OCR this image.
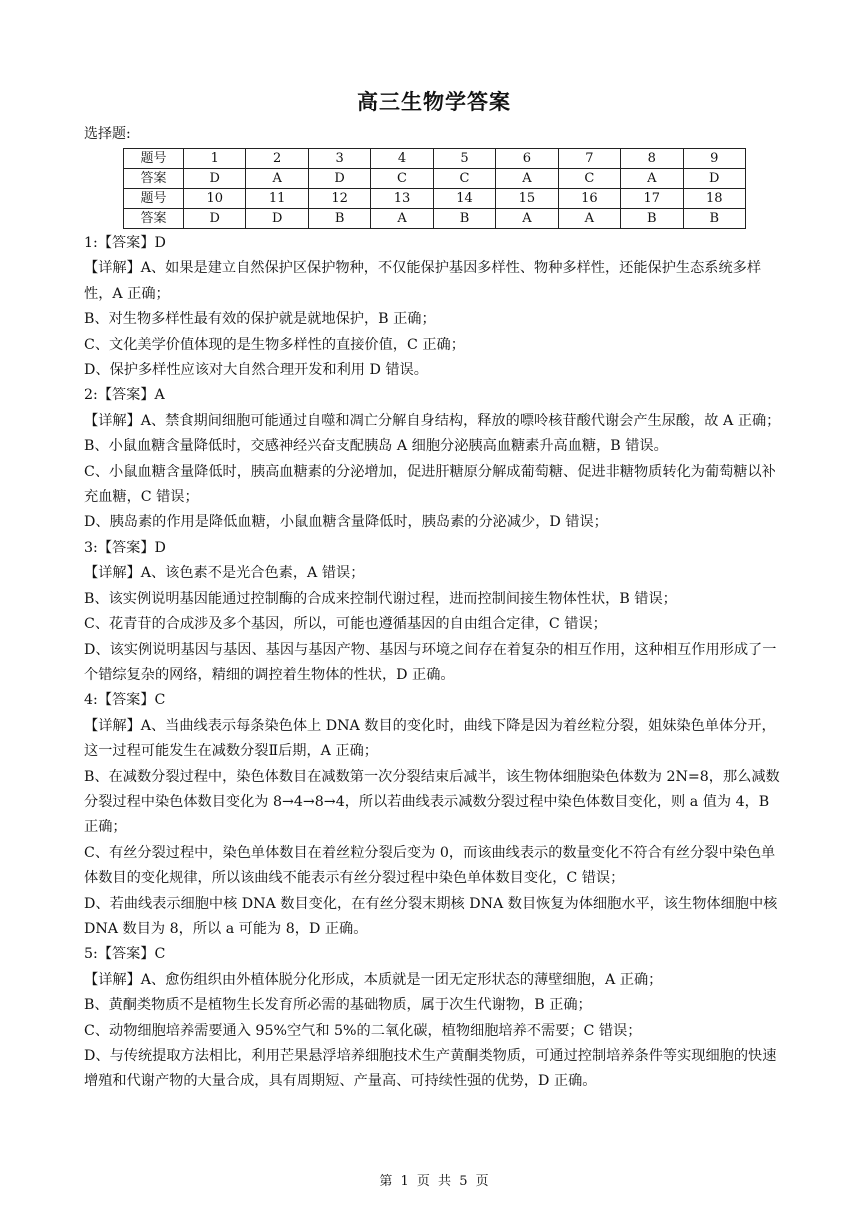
高三生物学答案
选择题:
题号	1	2	3	4	5	6	7	8	9
答案	D	A	D	C	C	A	C	A	D
题号	10	11	12	13	14	15	16	17	18
答案	D	D	B	A	B	A	A	B	B

1:【答案】D

【详解】A、如果是建立自然保护区保护物种，不仅能保护基因多样性、物种多样性，还能保护生态系统多样性，A 正确；

B、对生物多样性最有效的保护就是就地保护，B 正确；

C、文化美学价值体现的是生物多样性的直接价值，C 正确；

D、保护多样性应该对大自然合理开发和利用 D 错误。

2:【答案】A

【详解】A、禁食期间细胞可能通过自噬和凋亡分解自身结构，释放的嘌呤核苷酸代谢会产生尿酸，故 A 正确；

B、小鼠血糖含量降低时，交感神经兴奋支配胰岛 A 细胞分泌胰高血糖素升高血糖，B 错误。

C、小鼠血糖含量降低时，胰高血糖素的分泌增加，促进肝糖原分解成葡萄糖、促进非糖物质转化为葡萄糖以补充血糖，C 错误；

D、胰岛素的作用是降低血糖，小鼠血糖含量降低时，胰岛素的分泌减少，D 错误；

3:【答案】D

【详解】A、该色素不是光合色素，A 错误；

B、该实例说明基因能通过控制酶的合成来控制代谢过程，进而控制间接生物体性状，B 错误；

C、花青苷的合成涉及多个基因，所以，可能也遵循基因的自由组合定律，C 错误；

D、该实例说明基因与基因、基因与基因产物、基因与环境之间存在着复杂的相互作用，这种相互作用形成了一个错综复杂的网络，精细的调控着生物体的性状，D 正确。

4:【答案】C

【详解】A、当曲线表示每条染色体上 DNA 数目的变化时，曲线下降是因为着丝粒分裂，姐妹染色单体分开，这一过程可能发生在减数分裂Ⅱ后期，A 正确；

B、在减数分裂过程中，染色体数目在减数第一次分裂结束后减半，该生物体细胞染色体数为 2N=8，那么减数分裂过程中染色体数目变化为 8→4→8→4，所以若曲线表示减数分裂过程中染色体数目变化，则 a 值为 4，B 正确；

C、有丝分裂过程中，染色单体数目在着丝粒分裂后变为 0，而该曲线表示的数量变化不符合有丝分裂中染色单体数目的变化规律，所以该曲线不能表示有丝分裂过程中染色单体数目变化，C 错误；

D、若曲线表示细胞中核 DNA 数目变化，在有丝分裂末期核 DNA 数目恢复为体细胞水平，该生物体细胞中核 DNA 数目为 8，所以 a 可能为 8，D 正确。

5:【答案】C

【详解】A、愈伤组织由外植体脱分化形成，本质就是一团无定形状态的薄壁细胞，A 正确；

B、黄酮类物质不是植物生长发育所必需的基础物质，属于次生代谢物，B 正确；

C、动物细胞培养需要通入 95%空气和 5%的二氧化碳，植物细胞培养不需要；C 错误；

D、与传统提取方法相比，利用芒果悬浮培养细胞技术生产黄酮类物质，可通过控制培养条件等实现细胞的快速增殖和代谢产物的大量合成，具有周期短、产量高、可持续性强的优势，D 正确。

第 1 页 共 5 页
